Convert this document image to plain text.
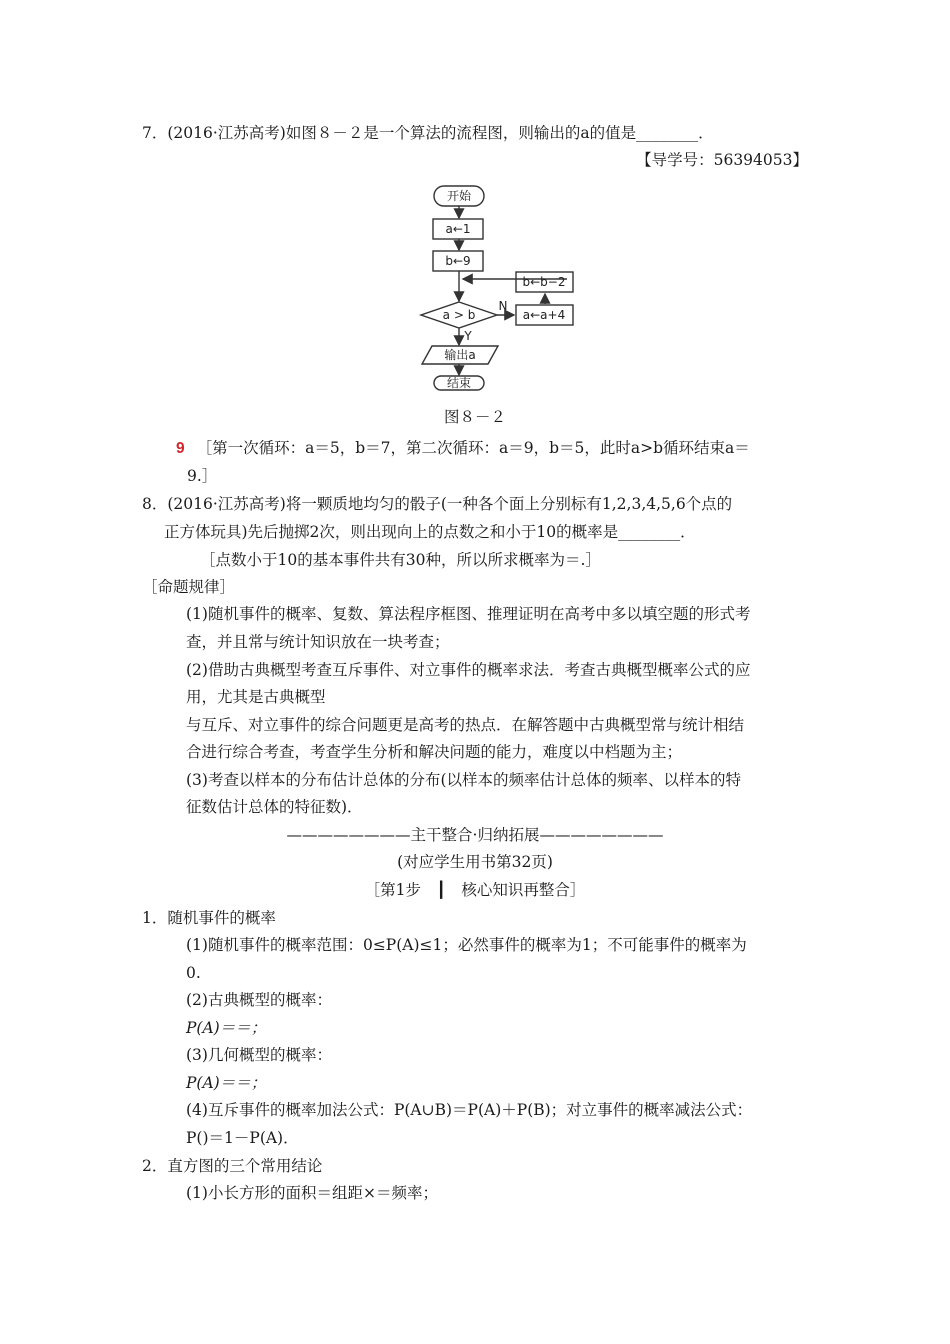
7．(2016·江苏高考)如图８－２是一个算法的流程图，则输出的a的值是________．
【导学号：56394053】
开始
a←1
b←9
b←b−2
a > b	a←a+4
N
Y
输出a
结束
图８－２
9 ［第一次循环：a＝5，b＝7，第二次循环：a＝9，b＝5，此时a>b循环结束a＝
9.］
8．(2016·江苏高考)将一颗质地均匀的骰子(一种各个面上分别标有1,2,3,4,5,6个点的
正方体玩具)先后抛掷2次，则出现向上的点数之和小于10的概率是________．
［点数小于10的基本事件共有30种，所以所求概率为＝.］
［命题规律］
(1)随机事件的概率、复数、算法程序框图、推理证明在高考中多以填空题的形式考
查，并且常与统计知识放在一块考查；
(2)借助古典概型考查互斥事件、对立事件的概率求法．考查古典概型概率公式的应
用，尤其是古典概型
与互斥、对立事件的综合问题更是高考的热点．在解答题中古典概型常与统计相结
合进行综合考查，考查学生分析和解决问题的能力，难度以中档题为主；
(3)考查以样本的分布估计总体的分布(以样本的频率估计总体的频率、以样本的特
征数估计总体的特征数)．
————————主干整合·归纳拓展————————
(对应学生用书第32页)
［第1步　┃　核心知识再整合］
1．随机事件的概率
(1)随机事件的概率范围：0≤P(A)≤1；必然事件的概率为1；不可能事件的概率为
0.
(2)古典概型的概率：
P(A)＝＝；
(3)几何概型的概率：
P(A)＝＝；
(4)互斥事件的概率加法公式：P(A∪B)＝P(A)＋P(B)；对立事件的概率减法公式：
P()＝1－P(A)．
2．直方图的三个常用结论
(1)小长方形的面积＝组距×＝频率；
